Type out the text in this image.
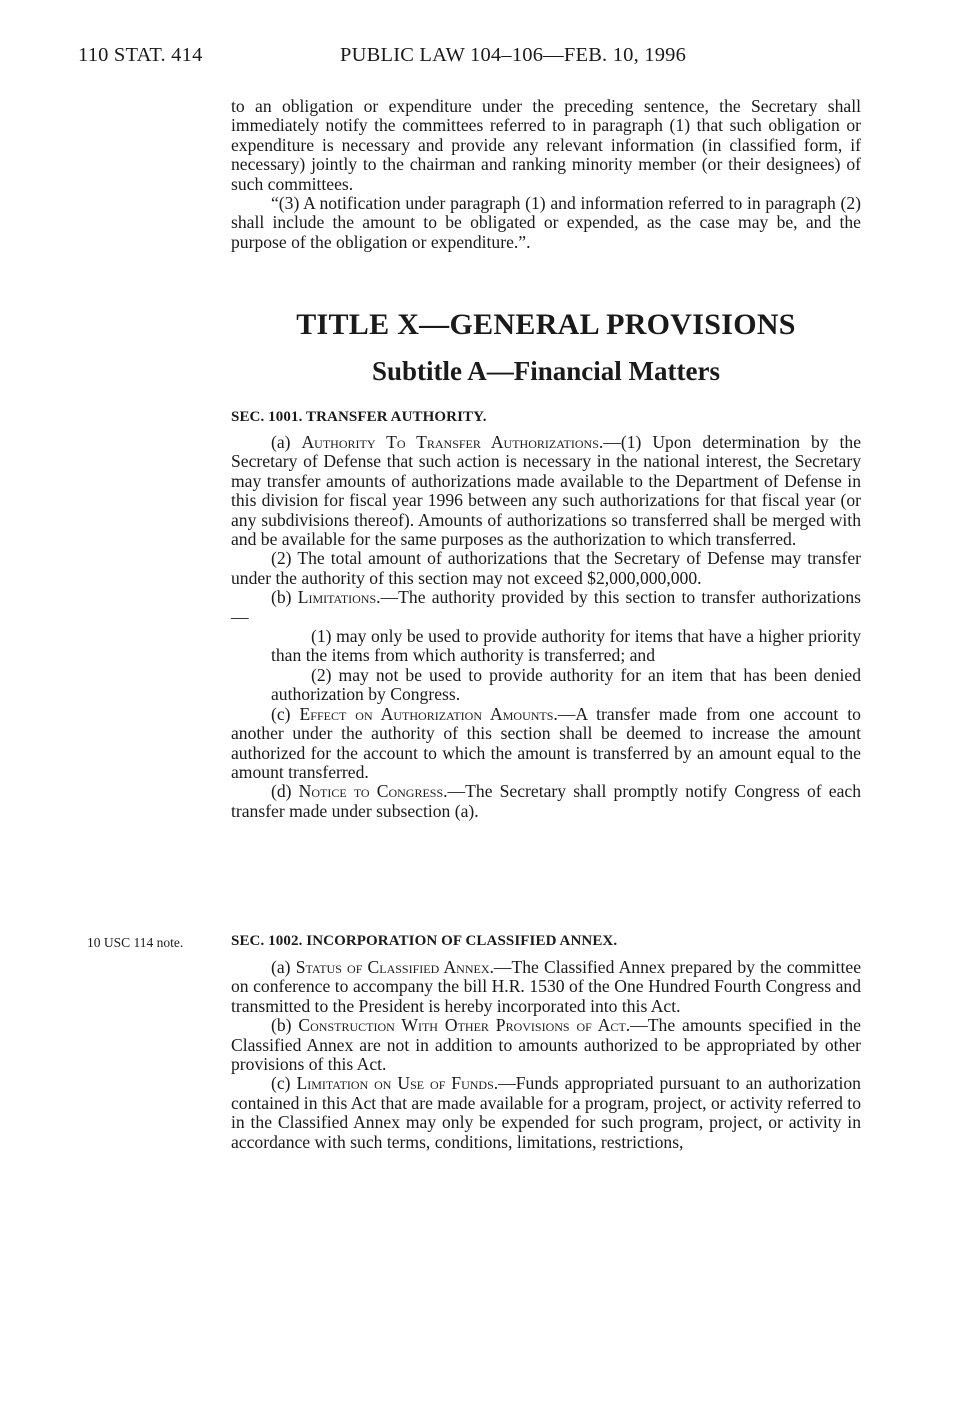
110 STAT. 414	PUBLIC LAW 104–106—FEB. 10, 1996

to an obligation or expenditure under the preceding sentence, the Secretary shall immediately notify the committees referred to in paragraph (1) that such obligation or expenditure is necessary and provide any relevant information (in classified form, if necessary) jointly to the chairman and ranking minority member (or their designees) of such committees.

“(3) A notification under paragraph (1) and information referred to in paragraph (2) shall include the amount to be obligated or expended, as the case may be, and the purpose of the obligation or expenditure.”.

TITLE X—GENERAL PROVISIONS
Subtitle A—Financial Matters
SEC. 1001. TRANSFER AUTHORITY.

(a) Authority To Transfer Authorizations.—(1) Upon determination by the Secretary of Defense that such action is necessary in the national interest, the Secretary may transfer amounts of authorizations made available to the Department of Defense in this division for fiscal year 1996 between any such authorizations for that fiscal year (or any subdivisions thereof). Amounts of authorizations so transferred shall be merged with and be available for the same purposes as the authorization to which transferred.

(2) The total amount of authorizations that the Secretary of Defense may transfer under the authority of this section may not exceed $2,000,000,000.

(b) Limitations.—The authority provided by this section to transfer authorizations—

(1) may only be used to provide authority for items that have a higher priority than the items from which authority is transferred; and

(2) may not be used to provide authority for an item that has been denied authorization by Congress.

(c) Effect on Authorization Amounts.—A transfer made from one account to another under the authority of this section shall be deemed to increase the amount authorized for the account to which the amount is transferred by an amount equal to the amount transferred.

(d) Notice to Congress.—The Secretary shall promptly notify Congress of each transfer made under subsection (a).

10 USC 114 note.	SEC. 1002. INCORPORATION OF CLASSIFIED ANNEX.

(a) Status of Classified Annex.—The Classified Annex prepared by the committee on conference to accompany the bill H.R. 1530 of the One Hundred Fourth Congress and transmitted to the President is hereby incorporated into this Act.

(b) Construction With Other Provisions of Act.—The amounts specified in the Classified Annex are not in addition to amounts authorized to be appropriated by other provisions of this Act.

(c) Limitation on Use of Funds.—Funds appropriated pursuant to an authorization contained in this Act that are made available for a program, project, or activity referred to in the Classified Annex may only be expended for such program, project, or activity in accordance with such terms, conditions, limitations, restrictions,
